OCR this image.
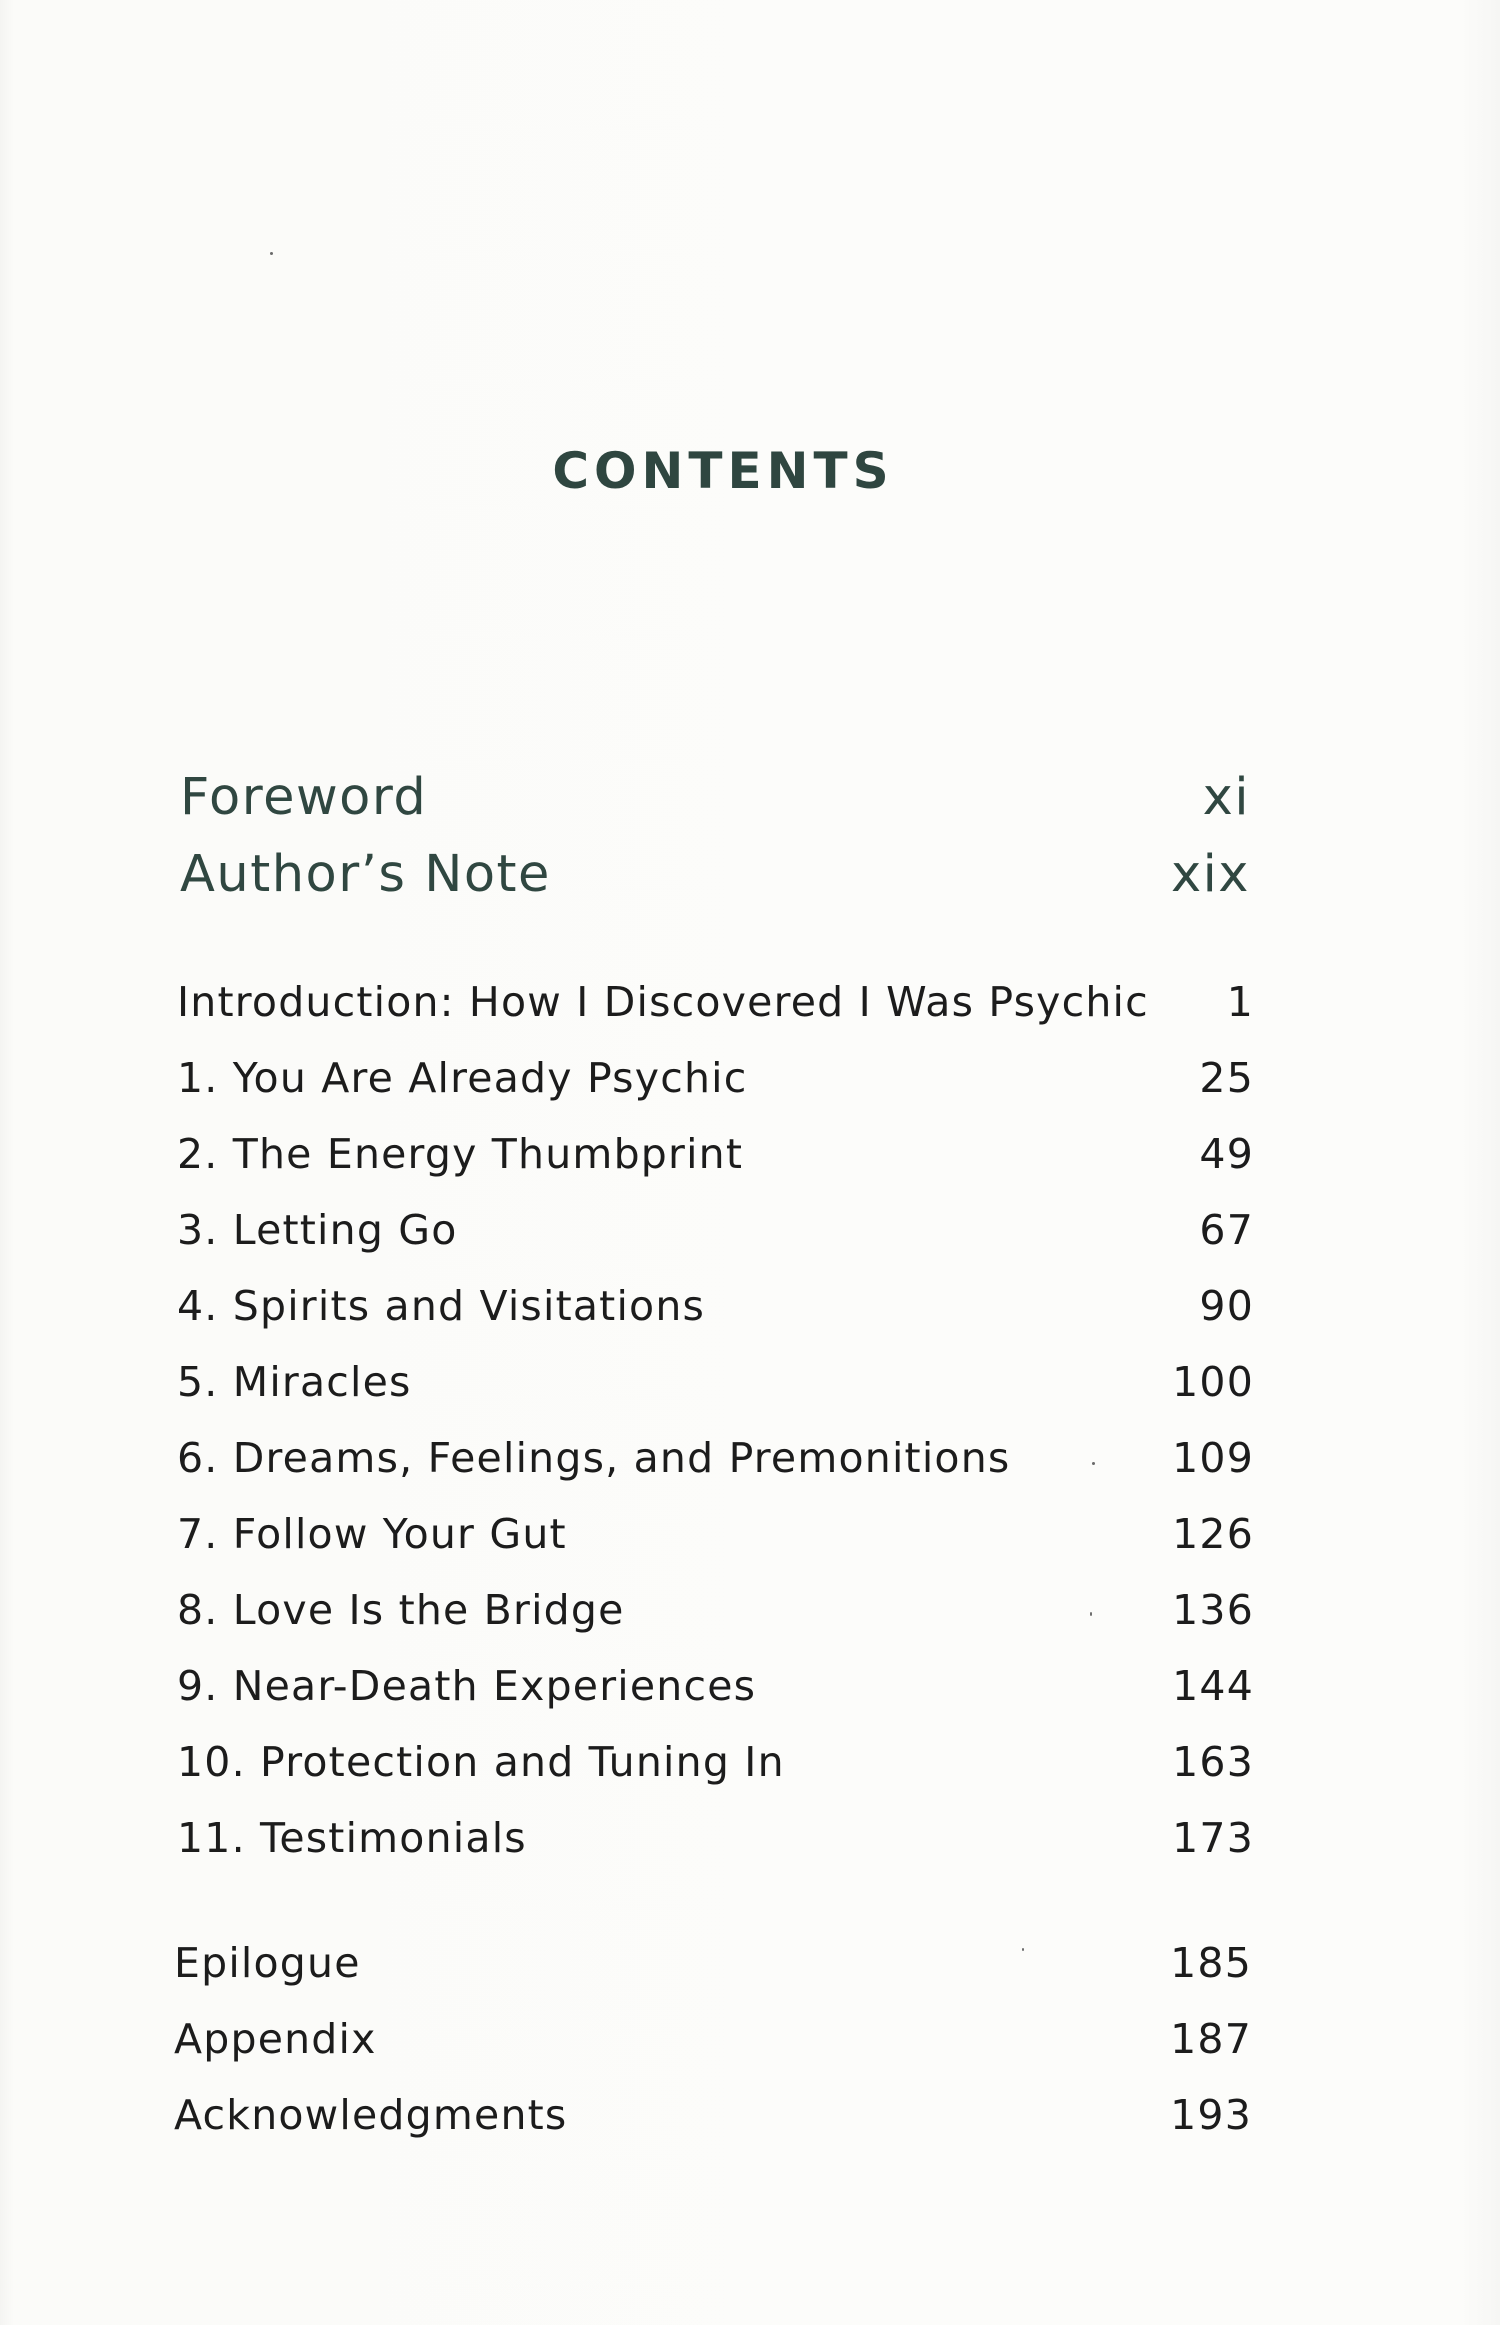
CONTENTS
Foreword	xi
Author’s Note	xix
Introduction: How I Discovered I Was Psychic 1
1. You Are Already Psychic	25
2. The Energy Thumbprint	49
3. Letting Go	67
4. Spirits and Visitations	90
5. Miracles	100
6. Dreams, Feelings, and Premonitions	109
7. Follow Your Gut	126
8. Love Is the Bridge	136
9. Near-Death Experiences	144
10. Protection and Tuning In	163
11. Testimonials	173
Epilogue	185
Appendix	187
Acknowledgments	193
